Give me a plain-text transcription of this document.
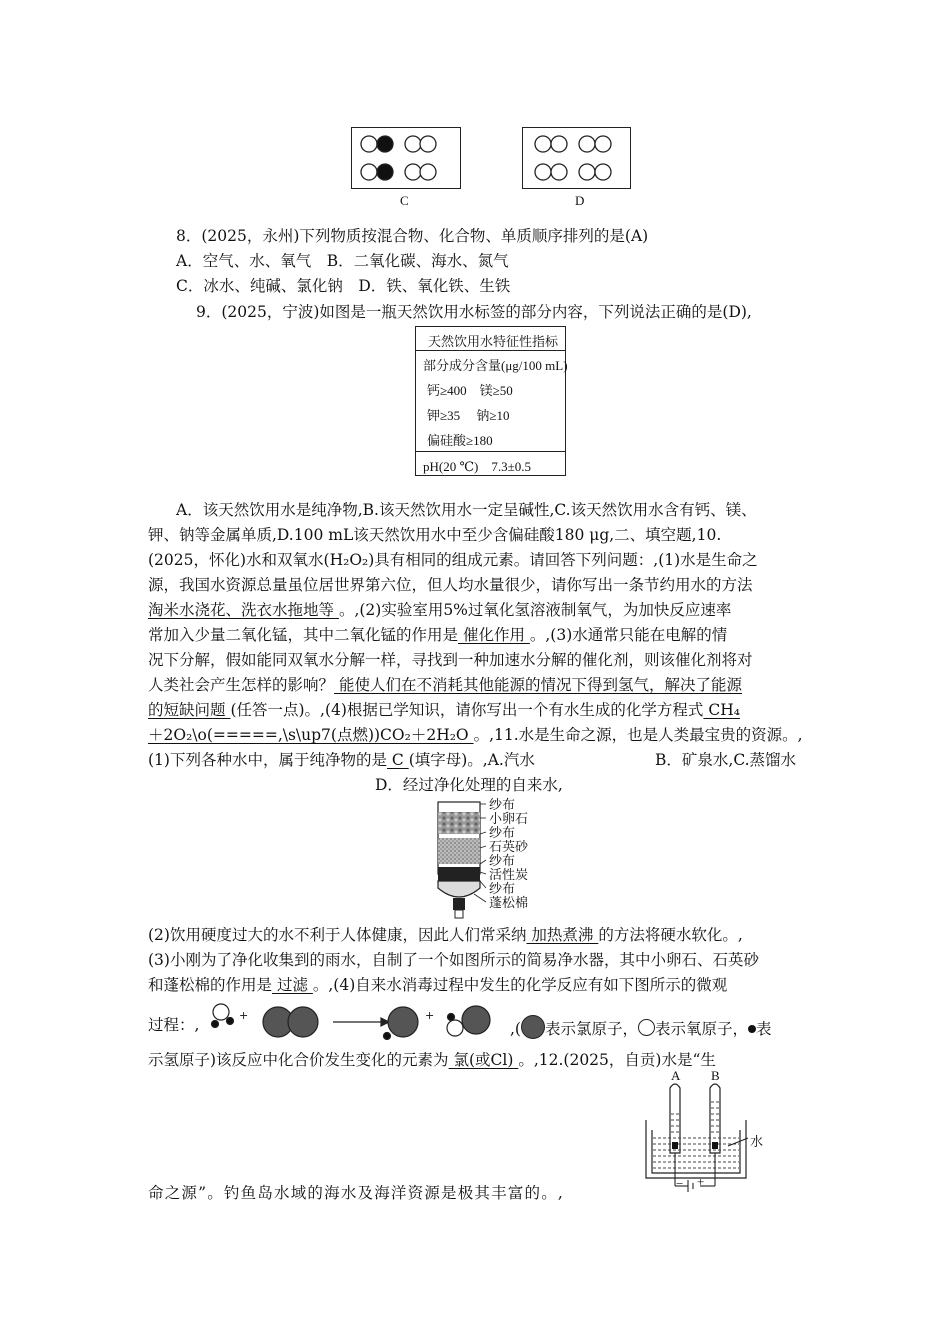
C	D
8．(2025，永州)下列物质按混合物、化合物、单质顺序排列的是(A)
A．空气、水、氧气　B．二氧化碳、海水、氮气
C．冰水、纯碱、氯化钠　D．铁、氧化铁、生铁
9．(2025，宁波)如图是一瓶天然饮用水标签的部分内容，下列说法正确的是(D),
天然饮用水特征性指标
部分成分含量(μg/100 mL)
钙≥400　镁≥50
钾≥35　 钠≥10
偏硅酸≥180
pH(20 ℃)　7.3±0.5
A．该天然饮用水是纯净物,B.该天然饮用水一定呈碱性,C.该天然饮用水含有钙、镁、
钾、钠等金属单质,D.100 mL该天然饮用水中至少含偏硅酸180 μg,二、填空题,10.
(2025，怀化)水和双氧水(H₂O₂)具有相同的组成元素。请回答下列问题：,(1)水是生命之
源，我国水资源总量虽位居世界第六位，但人均水量很少，请你写出一条节约用水的方法
淘米水浇花、洗衣水拖地等 。,(2)实验室用5%过氧化氢溶液制氧气，为加快反应速率
常加入少量二氧化锰，其中二氧化锰的作用是 催化作用 。,(3)水通常只能在电解的情
况下分解，假如能同双氧水分解一样，寻找到一种加速水分解的催化剂，则该催化剂将对
人类社会产生怎样的影响？ 能使人们在不消耗其他能源的情况下得到氢气，解决了能源
的短缺问题 (任答一点)。,(4)根据已学知识，请你写出一个有水生成的化学方程式 CH₄
＋2O₂\o(=====,\s\up7(点燃))CO₂＋2H₂O 。,11.水是生命之源，也是人类最宝贵的资源。,
(1)下列各种水中，属于纯净物的是 C (填字母)。,A.汽水	B．矿泉水,C.蒸馏水
D．经过净化处理的自来水,
纱布
小卵石
纱布
石英砂
纱布
活性炭
纱布
蓬松棉
(2)饮用硬度过大的水不利于人体健康，因此人们常采纳 加热煮沸 的方法将硬水软化。,
(3)小刚为了净化收集到的雨水，自制了一个如图所示的简易净水器，其中小卵石、石英砂
和蓬松棉的作用是 过滤 。,(4)自来水消毒过程中发生的化学反应有如下图所示的微观
过程：,
+	+
,( 表示氯原子， 表示氧原子， 表
示氢原子)该反应中化合价发生变化的元素为 氯(或Cl) 。,12.(2025，自贡)水是“生
A B
水
− +
命之源”。钓鱼岛水域的海水及海洋资源是极其丰富的。,
